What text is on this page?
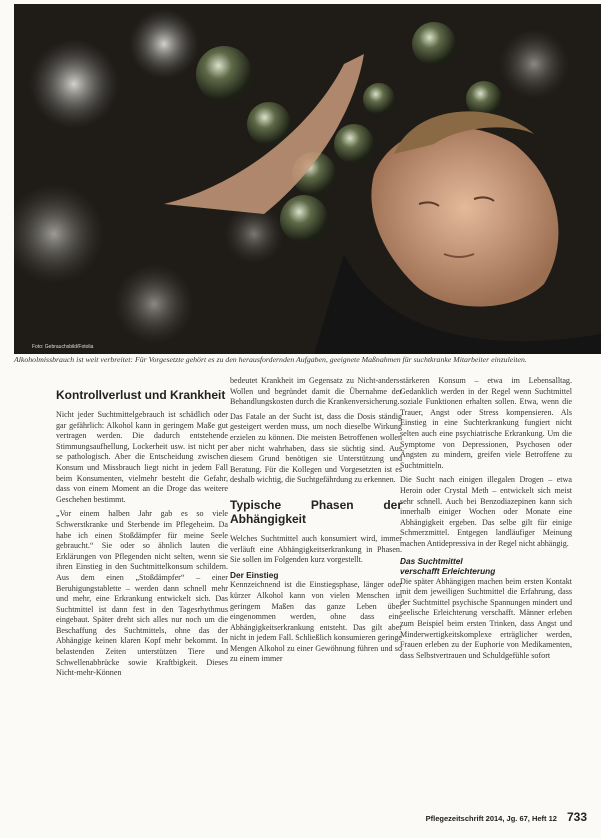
Foto: Gebrauchsbild/Fotolia
Alkoholmissbrauch ist weit verbreitet: Für Vorgesetzte gehört es zu den herausfordernden Aufgaben, geeignete Maßnahmen für suchtkranke Mitarbeiter einzuleiten.
Kontrollverlust und Krankheit

Nicht jeder Suchtmittelgebrauch ist schädlich oder gar gefährlich: Alkohol kann in geringem Maße gut vertragen werden. Die dadurch entstehende Stimmungsaufhellung, Lockerheit usw. ist nicht per se pathologisch. Aber die Entscheidung zwischen Konsum und Missbrauch liegt nicht in jedem Fall beim Konsumenten, vielmehr besteht die Gefahr, dass von einem Moment an die Droge das weitere Geschehen bestimmt.

„Vor einem halben Jahr gab es so viele Schwerstkranke und Sterbende im Pflegeheim. Da habe ich einen Stoßdämpfer für meine Seele gebraucht.“ Sie oder so ähnlich lauten die Erklärungen von Pflegenden nicht selten, wenn sie ihren Einstieg in den Suchtmittelkonsum schildern. Aus dem einen „Stoßdämpfer“ – einer Beruhigungstablette – werden dann schnell mehr und mehr, eine Erkrankung entwickelt sich. Das Suchtmittel ist dann fest in den Tagesrhythmus eingebaut. Später dreht sich alles nur noch um die Beschaffung des Suchtmittels, ohne das der Abhängige keinen klaren Kopf mehr bekommt. In belastenden Zeiten unterstützen Tiere und Schwellenabbrücke sowie Kraftbigkeit. Dieses Nicht-mehr-Können

bedeutet Krankheit im Gegensatz zu Nicht-anders-Wollen und begründet damit die Übernahme der Behandlungskosten durch die Krankenversicherung.

Das Fatale an der Sucht ist, dass die Dosis ständig gesteigert werden muss, um noch dieselbe Wirkung erzielen zu können. Die meisten Betroffenen wollen aber nicht wahrhaben, dass sie süchtig sind. Aus diesem Grund benötigen sie Unterstützung und Beratung. Für die Kollegen und Vorgesetzten ist es deshalb wichtig, die Suchtgefährdung zu erkennen.

Typische Phasen der Abhängigkeit

Welches Suchtmittel auch konsumiert wird, immer verläuft eine Abhängigkeitserkrankung in Phasen. Sie sollen im Folgenden kurz vorgestellt.

Der Einstieg

Kennzeichnend ist die Einstiegsphase, länger oder kürzer Alkohol kann von vielen Menschen in geringem Maßen das ganze Leben über eingenommen werden, ohne dass eine Abhängigkeitserkrankung entsteht. Das gilt aber nicht in jedem Fall. Schließlich konsumieren geringe Mengen Alkohol zu einer Gewöhnung führen und so zu einem immer

stärkeren Konsum – etwa im Lebensalltag. Gedanklich werden in der Regel wenn Suchtmittel soziale Funktionen erhalten sollen. Etwa, wenn die Trauer, Angst oder Stress kompensieren. Als Einstieg in eine Suchterkrankung fungiert nicht selten auch eine psychiatrische Erkrankung. Um die Symptome von Depressionen, Psychosen oder Ängsten zu mindern, greifen viele Betroffene zu Suchtmitteln.

Die Sucht nach einigen illegalen Drogen – etwa Heroin oder Crystal Meth – entwickelt sich meist sehr schnell. Auch bei Benzodiazepinen kann sich innerhalb einiger Wochen oder Monate eine Abhängigkeit ergeben. Das selbe gilt für einige Schmerzmittel. Entgegen landläufiger Meinung machen Antidepressiva in der Regel nicht abhängig.

Das Suchtmittel
verschafft Erleichterung

Die später Abhängigen machen beim ersten Kontakt mit dem jeweiligen Suchtmittel die Erfahrung, dass der Suchtmittel psychische Spannungen mindert und seelische Erleichterung verschafft. Männer erleben zum Beispiel beim ersten Trinken, dass Angst und Minderwertigkeitskomplexe erträglicher werden, Frauen erleben zu der Euphorie von Medikamenten, dass Selbstvertrauen und Schuldgefühle sofort

Pflegezeitschrift 2014, Jg. 67, Heft 12 733
